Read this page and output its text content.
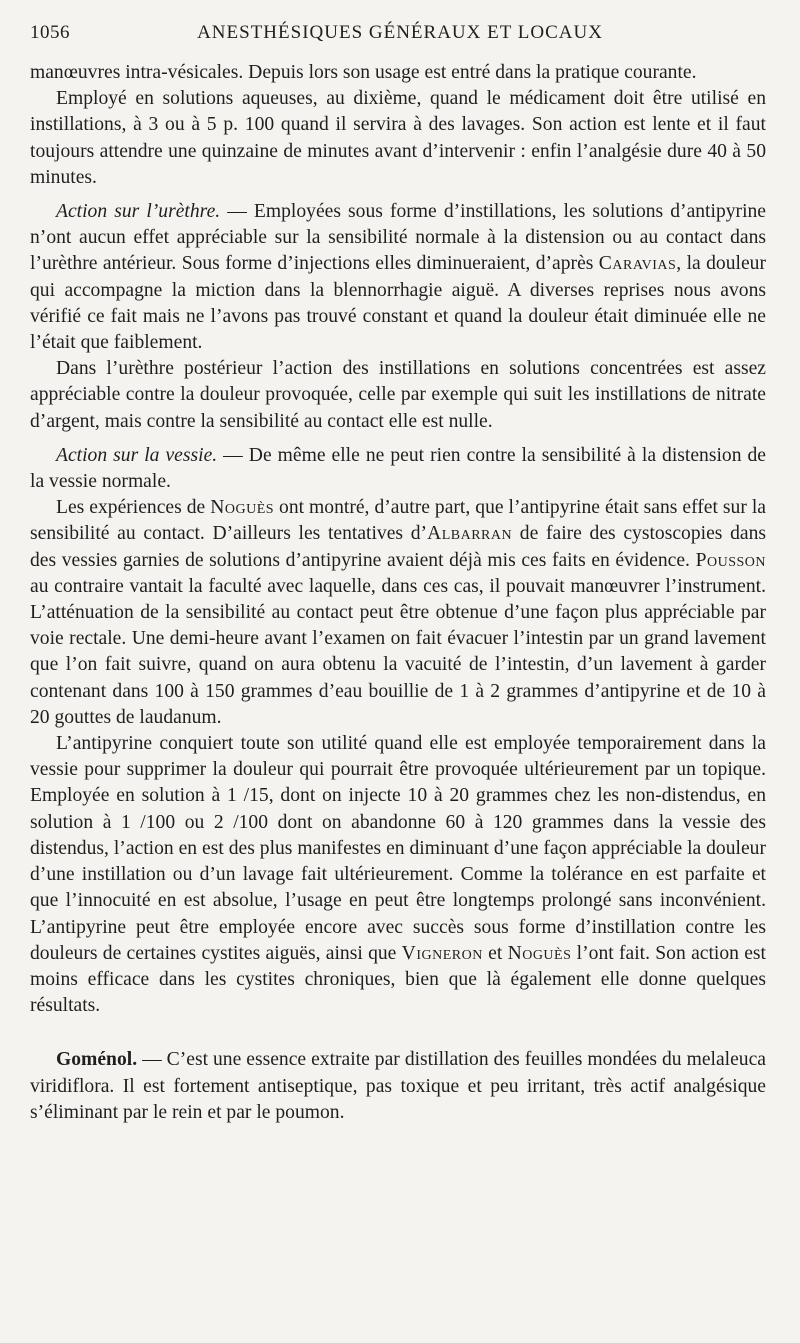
1056	ANESTHÉSIQUES GÉNÉRAUX ET LOCAUX

manœuvres intra-vésicales. Depuis lors son usage est entré dans la pratique courante.

Employé en solutions aqueuses, au dixième, quand le médicament doit être utilisé en instillations, à 3 ou à 5 p. 100 quand il servira à des lavages. Son action est lente et il faut toujours attendre une quinzaine de minutes avant d’intervenir : enfin l’analgésie dure 40 à 50 minutes.

Action sur l’urèthre. — Employées sous forme d’instillations, les solutions d’antipyrine n’ont aucun effet appréciable sur la sensibilité normale à la distension ou au contact dans l’urèthre antérieur. Sous forme d’injections elles diminueraient, d’après Caravias, la douleur qui accompagne la miction dans la blennorrhagie aiguë. A diverses reprises nous avons vérifié ce fait mais ne l’avons pas trouvé constant et quand la douleur était diminuée elle ne l’était que faiblement.

Dans l’urèthre postérieur l’action des instillations en solutions concentrées est assez appréciable contre la douleur provoquée, celle par exemple qui suit les instillations de nitrate d’argent, mais contre la sensibilité au contact elle est nulle.

Action sur la vessie. — De même elle ne peut rien contre la sensibilité à la distension de la vessie normale.

Les expériences de Noguès ont montré, d’autre part, que l’antipyrine était sans effet sur la sensibilité au contact. D’ailleurs les tentatives d’Albarran de faire des cystoscopies dans des vessies garnies de solutions d’antipyrine avaient déjà mis ces faits en évidence. Pousson au contraire vantait la faculté avec laquelle, dans ces cas, il pouvait manœuvrer l’instrument. L’atténuation de la sensibilité au contact peut être obtenue d’une façon plus appréciable par voie rectale. Une demi-heure avant l’examen on fait évacuer l’intestin par un grand lavement que l’on fait suivre, quand on aura obtenu la vacuité de l’intestin, d’un lavement à garder contenant dans 100 à 150 grammes d’eau bouillie de 1 à 2 grammes d’antipyrine et de 10 à 20 gouttes de laudanum.

L’antipyrine conquiert toute son utilité quand elle est employée temporairement dans la vessie pour supprimer la douleur qui pourrait être provoquée ultérieurement par un topique. Employée en solution à 1 /15, dont on injecte 10 à 20 grammes chez les non-distendus, en solution à 1 /100 ou 2 /100 dont on abandonne 60 à 120 grammes dans la vessie des distendus, l’action en est des plus manifestes en diminuant d’une façon appréciable la douleur d’une instillation ou d’un lavage fait ultérieurement. Comme la tolérance en est parfaite et que l’innocuité en est absolue, l’usage en peut être longtemps prolongé sans inconvénient. L’antipyrine peut être employée encore avec succès sous forme d’instillation contre les douleurs de certaines cystites aiguës, ainsi que Vigneron et Noguès l’ont fait. Son action est moins efficace dans les cystites chroniques, bien que là également elle donne quelques résultats.

Goménol. — C’est une essence extraite par distillation des feuilles mondées du melaleuca viridiflora. Il est fortement antiseptique, pas toxique et peu irritant, très actif analgésique s’éliminant par le rein et par le poumon.
